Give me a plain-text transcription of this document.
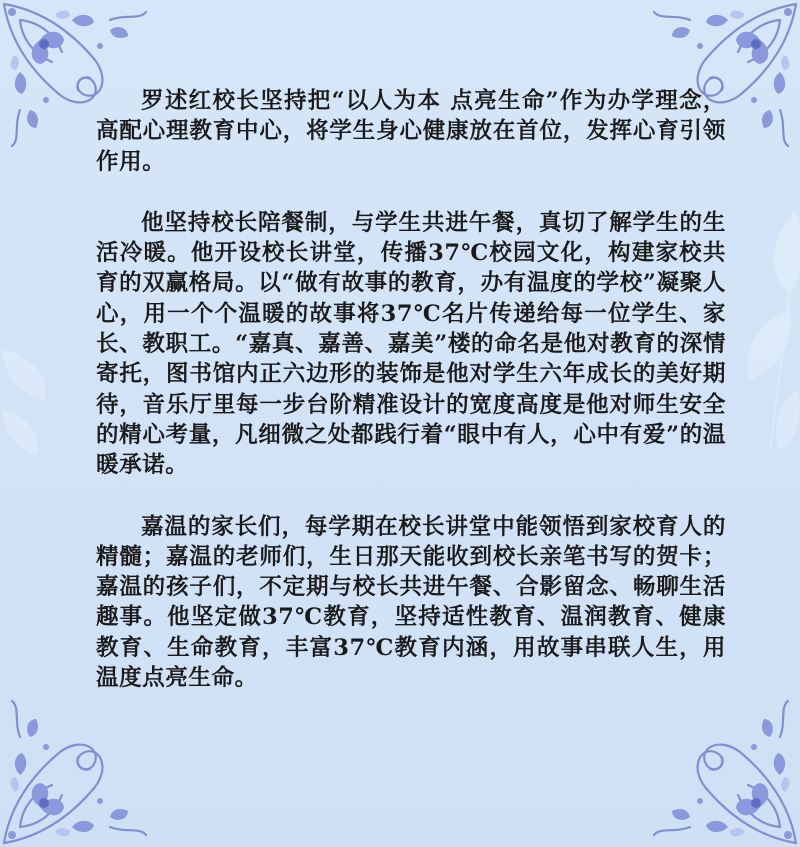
罗述红校长坚持把“以人为本 点亮生命”作为办学理念，高配心理教育中心，将学生身心健康放在首位，发挥心育引领作用。

他坚持校长陪餐制，与学生共进午餐，真切了解学生的生活冷暖。他开设校长讲堂，传播37℃校园文化，构建家校共育的双赢格局。以“做有故事的教育，办有温度的学校”凝聚人心，用一个个温暖的故事将37℃名片传递给每一位学生、家长、教职工。“嘉真、嘉善、嘉美”楼的命名是他对教育的深情寄托，图书馆内正六边形的装饰是他对学生六年成长的美好期待，音乐厅里每一步台阶精准设计的宽度高度是他对师生安全的精心考量，凡细微之处都践行着“眼中有人，心中有爱”的温暖承诺。

嘉温的家长们，每学期在校长讲堂中能领悟到家校育人的精髓；嘉温的老师们，生日那天能收到校长亲笔书写的贺卡；嘉温的孩子们，不定期与校长共进午餐、合影留念、畅聊生活趣事。他坚定做37℃教育，坚持适性教育、温润教育、健康教育、生命教育，丰富37℃教育内涵，用故事串联人生，用温度点亮生命。
